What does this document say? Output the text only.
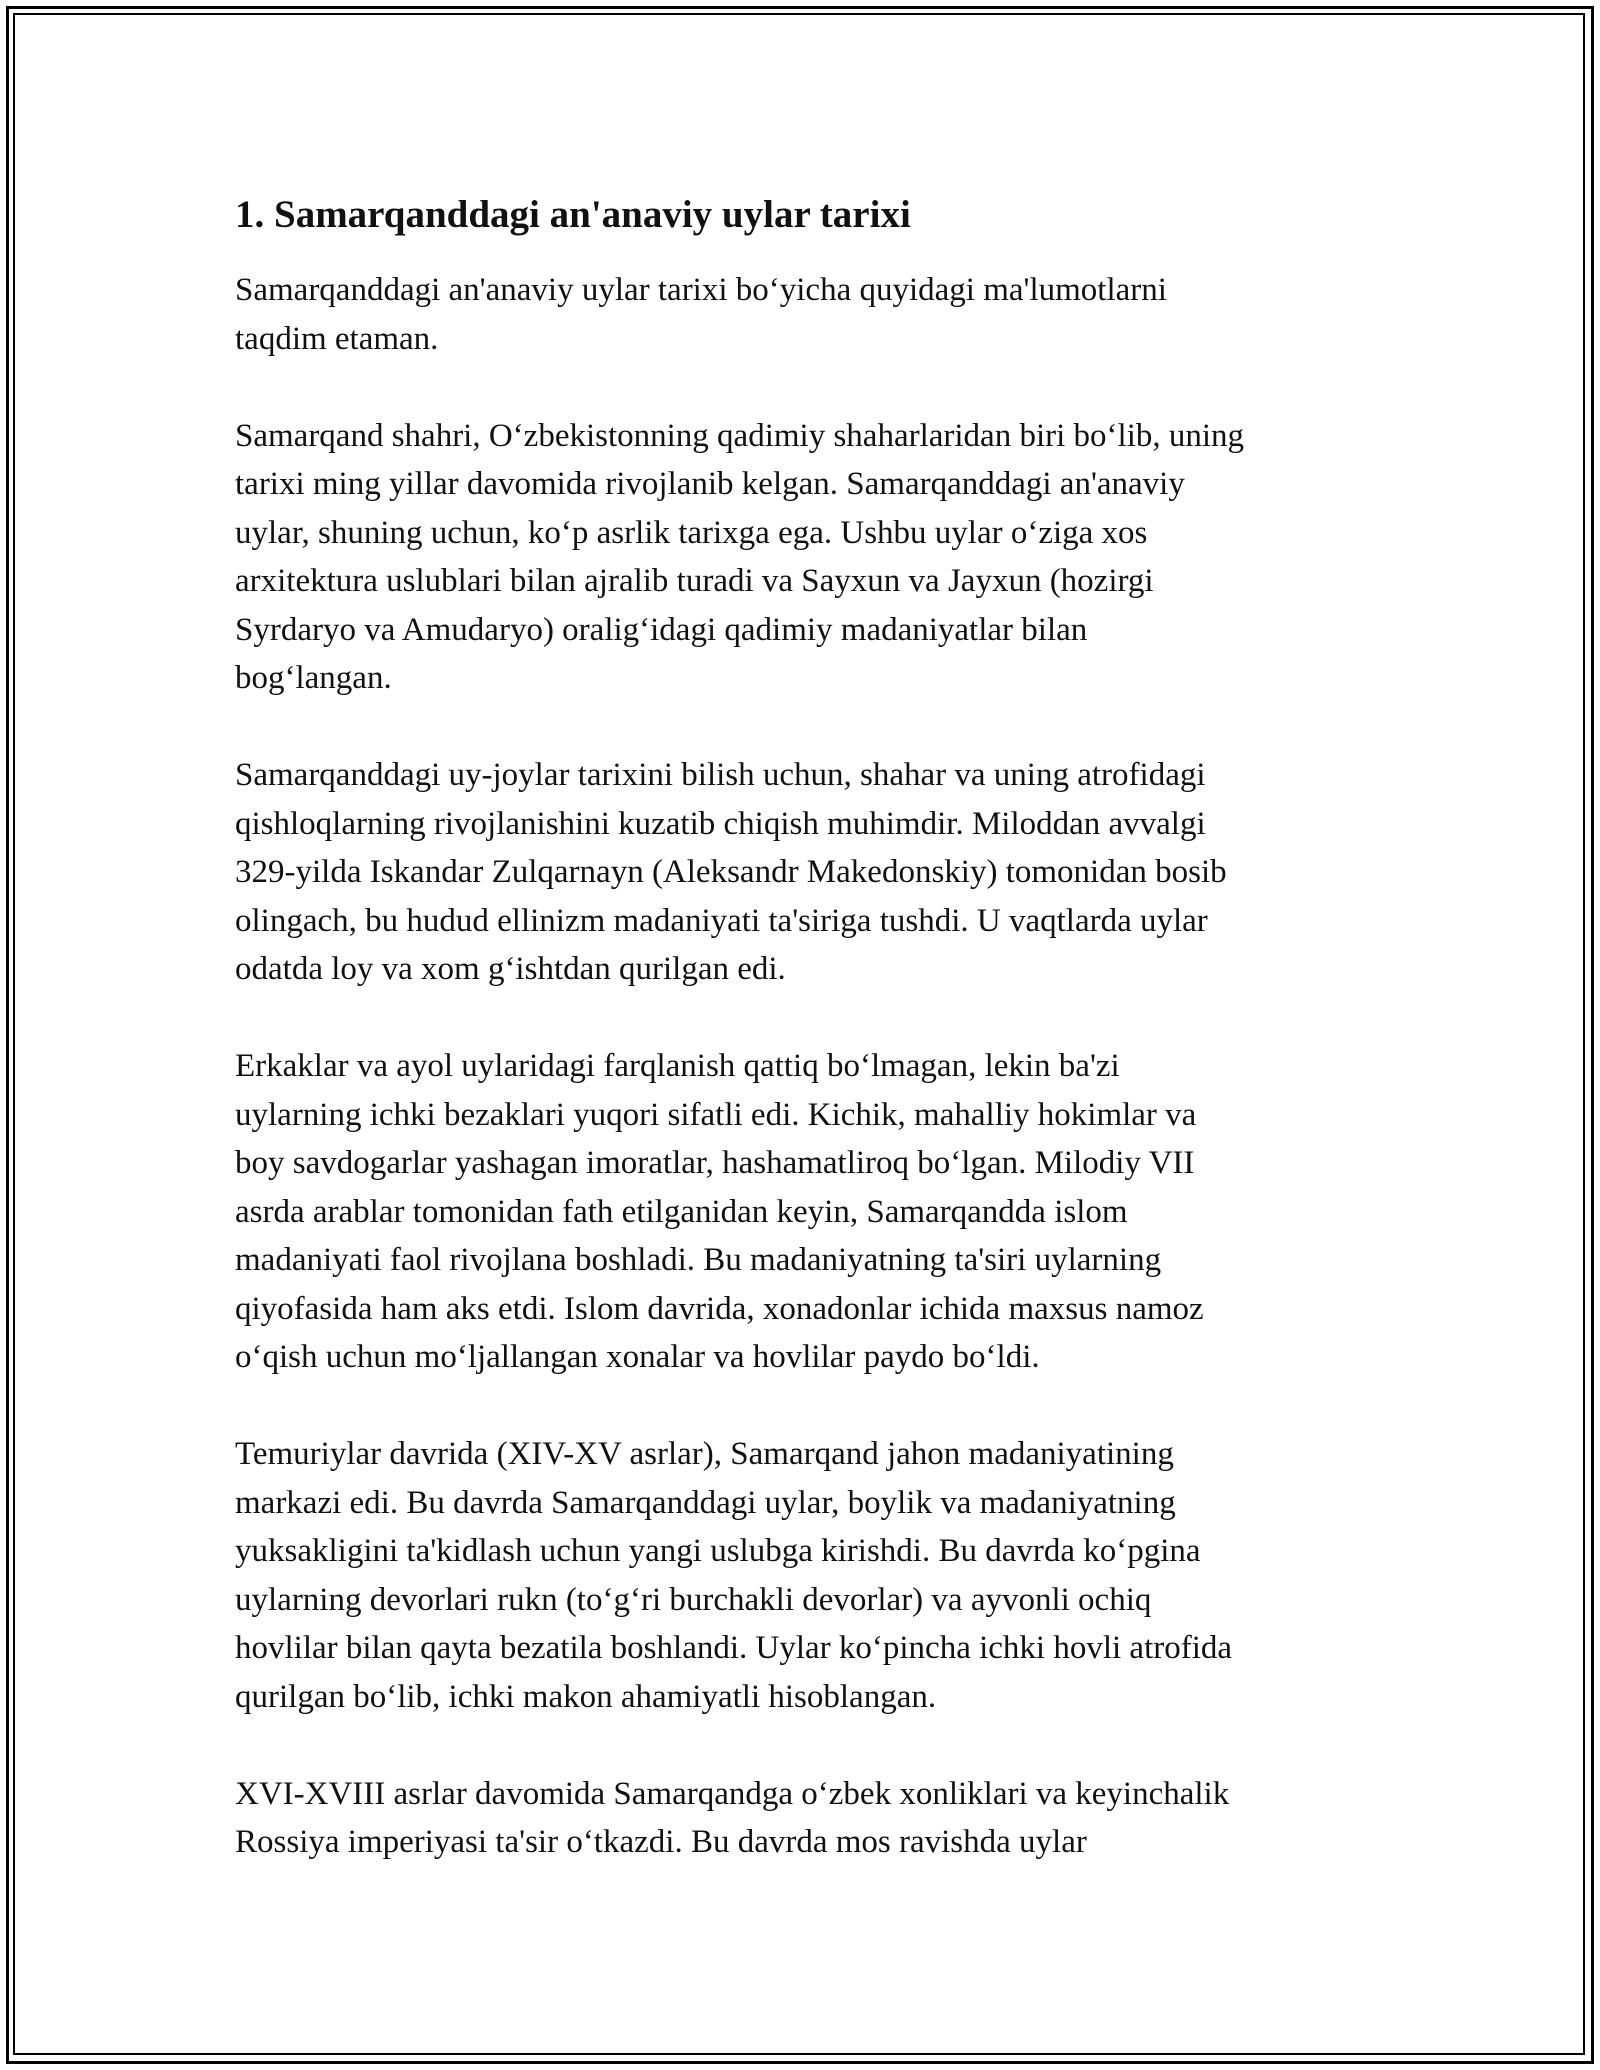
1. Samarqanddagi an'anaviy uylar tarixi
Samarqanddagi an'anaviy uylar tarixi bo‘yicha quyidagi ma'lumotlarni
taqdim etaman.
Samarqand shahri, O‘zbekistonning qadimiy shaharlaridan biri bo‘lib, uning
tarixi ming yillar davomida rivojlanib kelgan. Samarqanddagi an'anaviy
uylar, shuning uchun, ko‘p asrlik tarixga ega. Ushbu uylar o‘ziga xos
arxitektura uslublari bilan ajralib turadi va Sayxun va Jayxun (hozirgi
Syrdaryo va Amudaryo) oralig‘idagi qadimiy madaniyatlar bilan
bog‘langan.
Samarqanddagi uy-joylar tarixini bilish uchun, shahar va uning atrofidagi
qishloqlarning rivojlanishini kuzatib chiqish muhimdir. Miloddan avvalgi
329-yilda Iskandar Zulqarnayn (Aleksandr Makedonskiy) tomonidan bosib
olingach, bu hudud ellinizm madaniyati ta'siriga tushdi. U vaqtlarda uylar
odatda loy va xom g‘ishtdan qurilgan edi.
Erkaklar va ayol uylaridagi farqlanish qattiq bo‘lmagan, lekin ba'zi
uylarning ichki bezaklari yuqori sifatli edi. Kichik, mahalliy hokimlar va
boy savdogarlar yashagan imoratlar, hashamatliroq bo‘lgan. Milodiy VII
asrda arablar tomonidan fath etilganidan keyin, Samarqandda islom
madaniyati faol rivojlana boshladi. Bu madaniyatning ta'siri uylarning
qiyofasida ham aks etdi. Islom davrida, xonadonlar ichida maxsus namoz
o‘qish uchun mo‘ljallangan xonalar va hovlilar paydo bo‘ldi.
Temuriylar davrida (XIV-XV asrlar), Samarqand jahon madaniyatining
markazi edi. Bu davrda Samarqanddagi uylar, boylik va madaniyatning
yuksakligini ta'kidlash uchun yangi uslubga kirishdi. Bu davrda ko‘pgina
uylarning devorlari rukn (to‘g‘ri burchakli devorlar) va ayvonli ochiq
hovlilar bilan qayta bezatila boshlandi. Uylar ko‘pincha ichki hovli atrofida
qurilgan bo‘lib, ichki makon ahamiyatli hisoblangan.
XVI-XVIII asrlar davomida Samarqandga o‘zbek xonliklari va keyinchalik
Rossiya imperiyasi ta'sir o‘tkazdi. Bu davrda mos ravishda uylar
